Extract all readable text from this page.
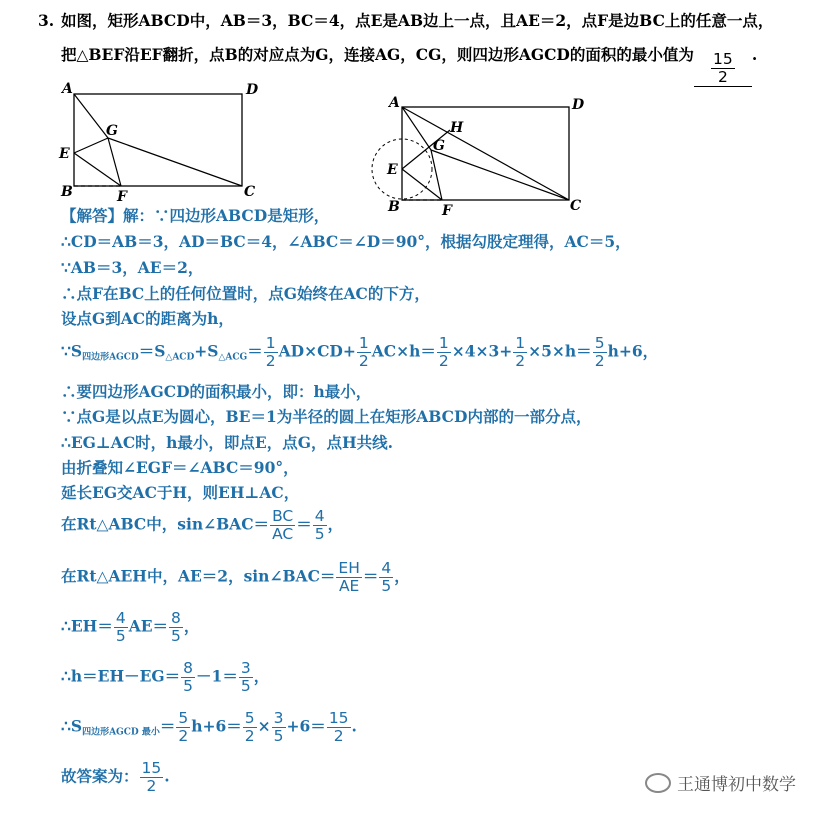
3. 如图，矩形ABCD中，AB＝3，BC＝4，点E是AB边上一点，且AE＝2，点F是边BC上的任意一点，
把△BEF沿EF翻折，点B的对应点为G，连接AG，CG，则四边形AGCD的面积的最小值为 $\frac{15}{2}$ .
A	D
G
E
B	F	C
A	D
H
G
E
B	F	C
【解答】解：∵四边形ABCD是矩形，
∴CD＝AB＝3，AD＝BC＝4，∠ABC＝∠D＝90°，根据勾股定理得，AC＝5，
∵AB＝3，AE＝2，
∴点F在BC上的任何位置时，点G始终在AC的下方，
设点G到AC的距离为h，
$\because S_{四边形AGCD}=S_{\triangle ACD}+S_{\triangle ACG}= \frac{1}{2} AD\times CD+ \frac{1}{2} AC\times h= \frac{1}{2} \times 4\times 3+ \frac{1}{2} \times 5\times h= \frac{5}{2} h+6$，
∴要四边形AGCD的面积最小，即：h最小，
∵点G是以点E为圆心，BE＝1为半径的圆上在矩形ABCD内部的一部分点，
∴EG⊥AC时，h最小，即点E，点G，点H共线.
由折叠知∠EGF＝∠ABC＝90°，
延长EG交AC于H，则EH⊥AC，
在Rt△ABC中，sin∠BAC＝ $\frac{BC}{AC} = \frac{4}{5}$ ，
在Rt△AEH中，AE＝2，sin∠BAC＝ $\frac{EH}{AE} = \frac{4}{5}$ ，
∴EH＝ $\frac{4}{5} AE= \frac{8}{5}$ ，
∴h＝EH－EG＝ $\frac{8}{5} -1= \frac{3}{5}$ ，
$\therefore S_{四边形AGCD 最小}= \frac{5}{2} h+6= \frac{5}{2} \times \frac{3}{5} +6= \frac{15}{2}$ .
故答案为： $\frac{15}{2}$ .	王通博初中数学
